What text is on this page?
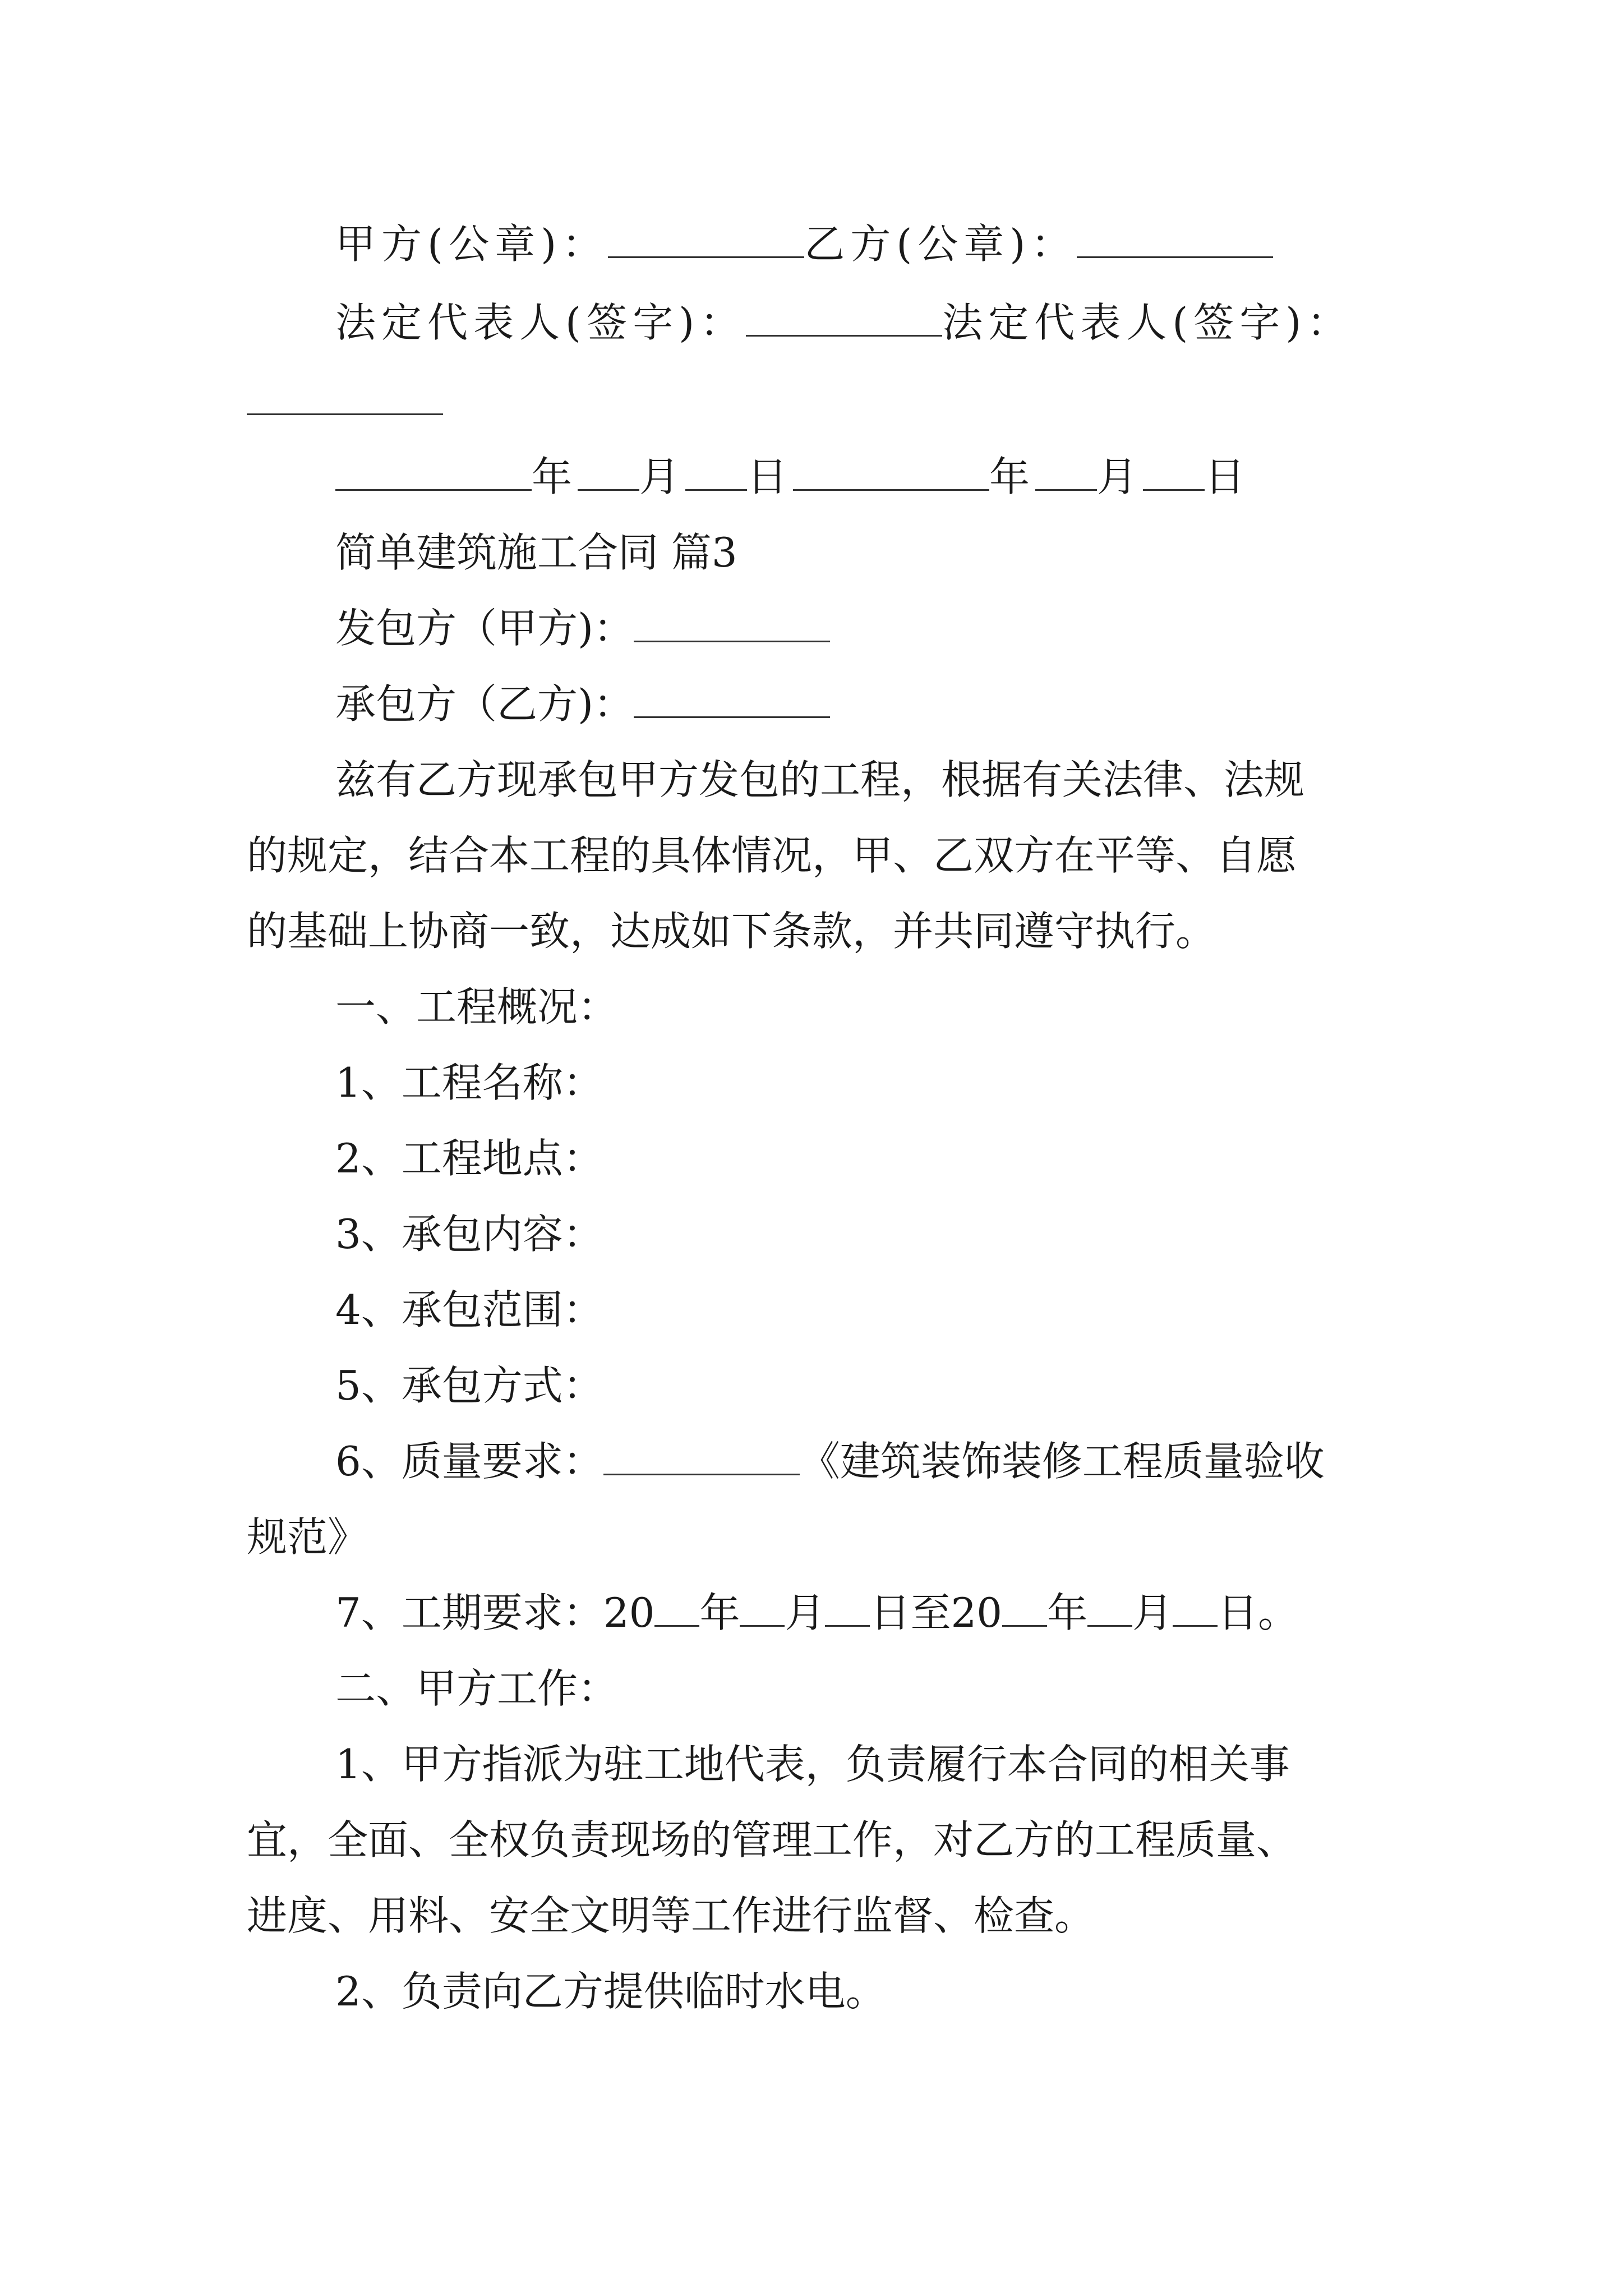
甲方(公章)：	乙方(公章)：
法定代表人(签字)：	法定代表人(签字)：
年 月 日	年 月 日
简单建筑施工合同 篇3
发包方（甲方)：
承包方（乙方)：
兹有乙方现承包甲方发包的工程，根据有关法律、法规
的规定，结合本工程的具体情况，甲、乙双方在平等、自愿
的基础上协商一致，达成如下条款，并共同遵守执行。
一、工程概况：
1、工程名称：
2、工程地点：
3、承包内容：
4、承包范围：
5、承包方式：
6、质量要求：	《建筑装饰装修工程质量验收
规范》
7、工期要求：20 年 月 日至20 年 月 日。
二、甲方工作：
1、甲方指派为驻工地代表，负责履行本合同的相关事
宜，全面、全权负责现场的管理工作，对乙方的工程质量、
进度、用料、安全文明等工作进行监督、检查。
2、负责向乙方提供临时水电。
